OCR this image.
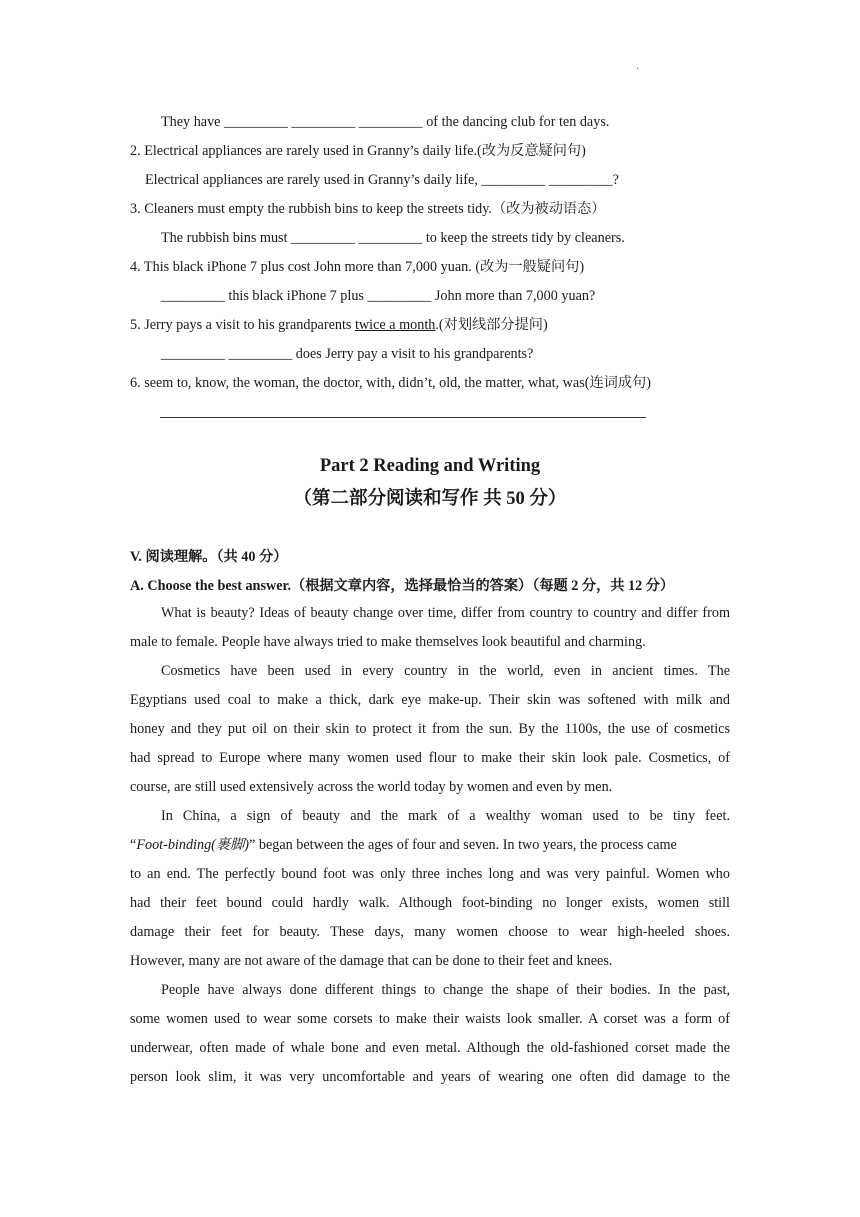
·
They have _________ _________ _________ of the dancing club for ten days.
2. Electrical appliances are rarely used in Granny’s daily life.(改为反意疑问句)
Electrical appliances are rarely used in Granny’s daily life, _________ _________?
3. Cleaners must empty the rubbish bins to keep the streets tidy.（改为被动语态）
The rubbish bins must _________ _________ to keep the streets tidy by cleaners.
4. This black iPhone 7 plus cost John more than 7,000 yuan. (改为一般疑问句)
_________ this black iPhone 7 plus _________ John more than 7,000 yuan?
5. Jerry pays a visit to his grandparents twice a month.(对划线部分提问)
_________ _________ does Jerry pay a visit to his grandparents?
6. seem to, know, the woman, the doctor, with, didn’t, old, the matter, what, was(连词成句)
Part 2 Reading and Writing
（第二部分阅读和写作 共 50 分）
V. 阅读理解。（共 40 分）
A. Choose the best answer.（根据文章内容，选择最恰当的答案）（每题 2 分，共 12 分）

What is beauty? Ideas of beauty change over time, differ from country to country and differ from male to female. People have always tried to make themselves look beautiful and charming.

Cosmetics have been used in every country in the world, even in ancient times. The
Egyptians used coal to make a thick, dark eye make-up. Their skin was softened with milk and
honey and they put oil on their skin to protect it from the sun. By the 1100s, the use of cosmetics
had spread to Europe where many women used flour to make their skin look pale. Cosmetics, of
course, are still used extensively across the world today by women and even by men.

In China, a sign of beauty and the mark of a wealthy woman used to be tiny feet.
“Foot-binding(裹脚)” began between the ages of four and seven. In two years, the process came
to an end. The perfectly bound foot was only three inches long and was very painful. Women who
had their feet bound could hardly walk. Although foot-binding no longer exists, women still
damage their feet for beauty. These days, many women choose to wear high-heeled shoes.
However, many are not aware of the damage that can be done to their feet and knees.

People have always done different things to change the shape of their bodies. In the past,
some women used to wear some corsets to make their waists look smaller. A corset was a form of
underwear, often made of whale bone and even metal. Although the old-fashioned corset made the
person look slim, it was very uncomfortable and years of wearing one often did damage to the
